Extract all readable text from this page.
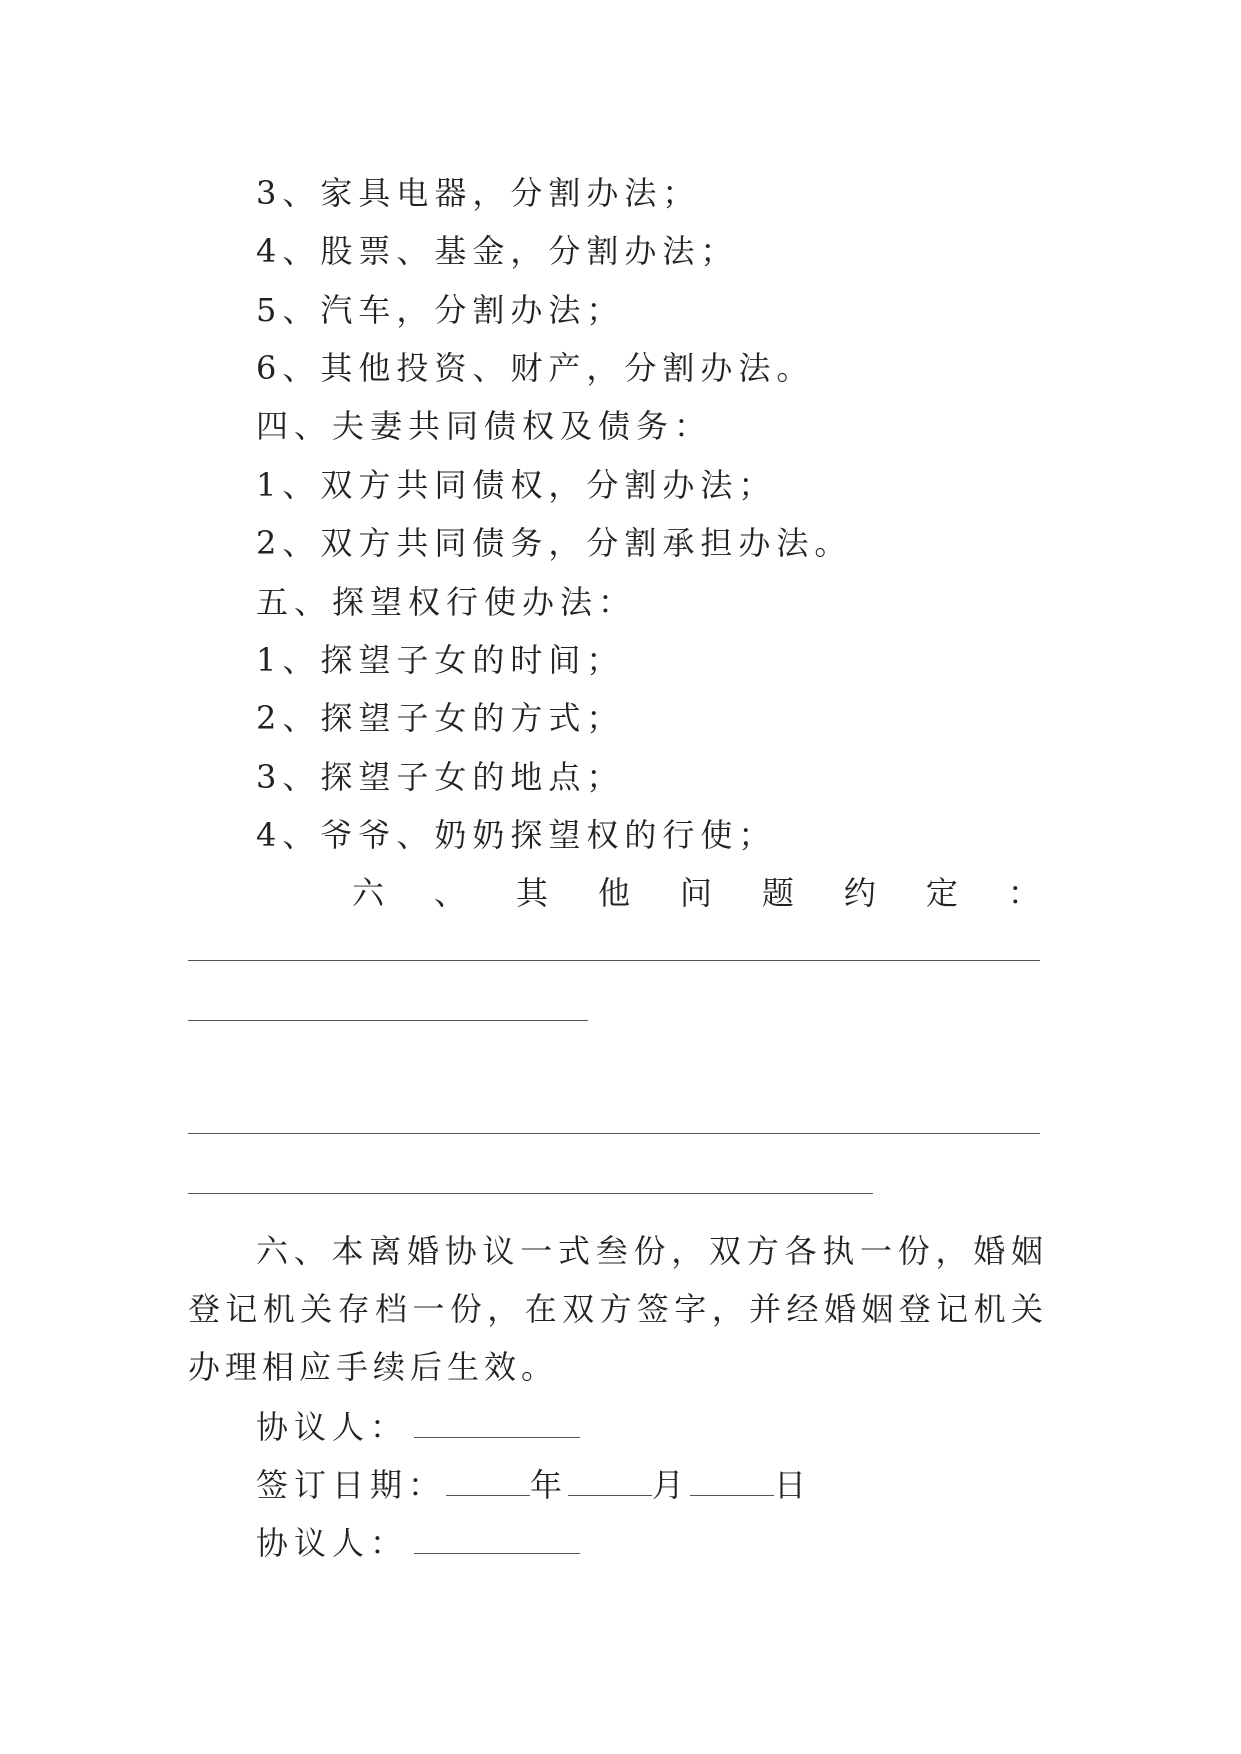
3、家具电器，分割办法；
4、股票、基金，分割办法；
5、汽车，分割办法；
6、其他投资、财产，分割办法。
四、夫妻共同债权及债务：
1、双方共同债权，分割办法；
2、双方共同债务，分割承担办法。
五、探望权行使办法：
1、探望子女的时间；
2、探望子女的方式；
3、探望子女的地点；
4、爷爷、奶奶探望权的行使；
六 、 其 他 问 题 约 定 ：
六、本离婚协议一式叁份，双方各执一份，婚姻登记机关存档一份，在双方签字，并经婚姻登记机关办理相应手续后生效。
协议人：
签订日期：	年	月	日
协议人：
